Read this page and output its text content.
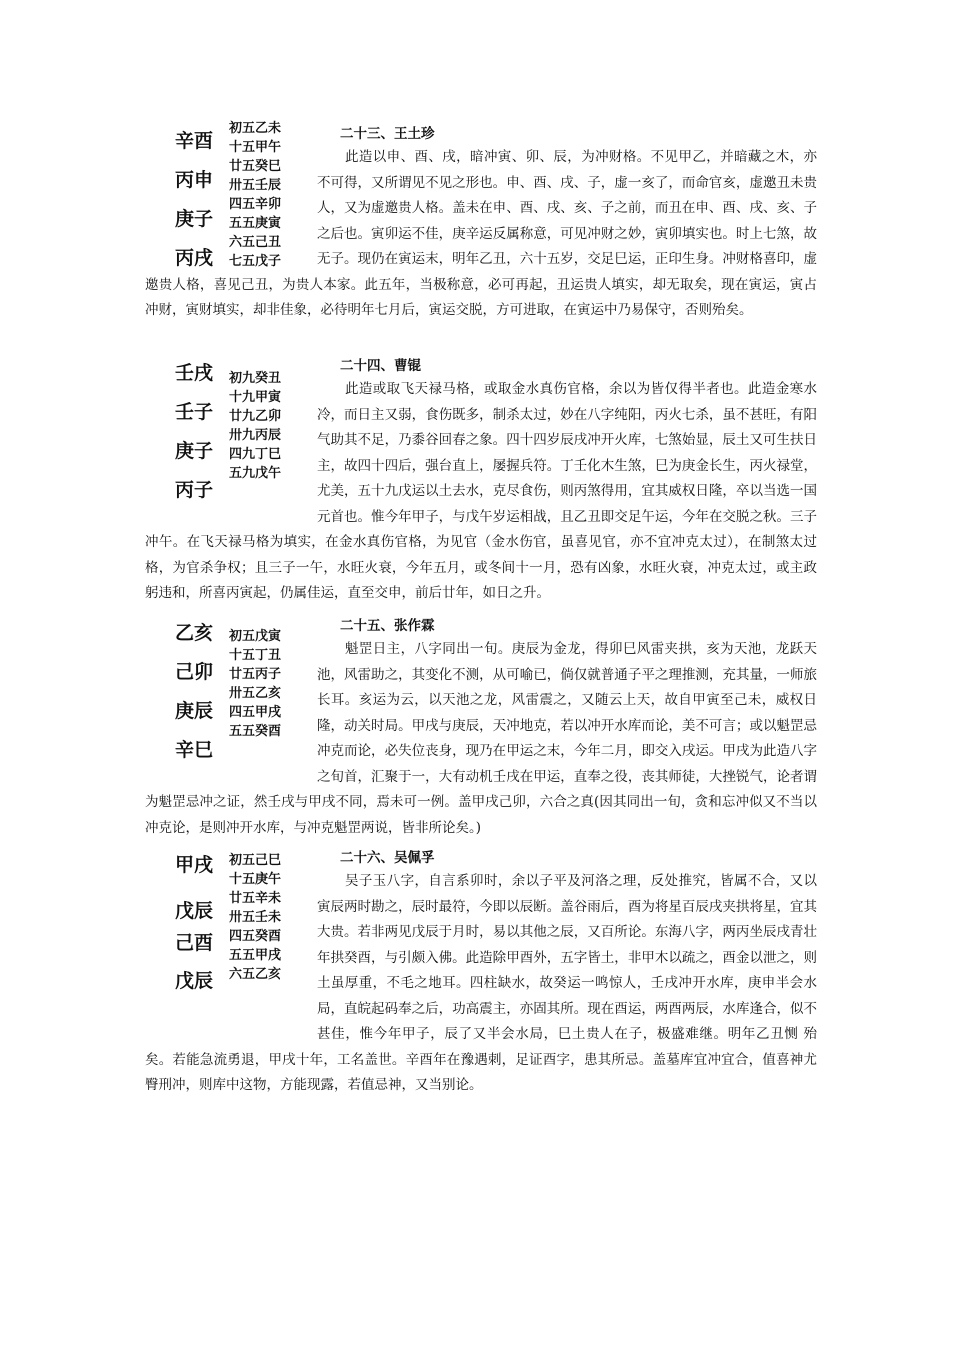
辛酉
丙申
庚子
丙戌
初五乙未
十五甲午
廿五癸巳
卅五壬辰
四五辛卯
五五庚寅
六五己丑
七五戊子
二十三、王土珍

此造以申、酉、戌，暗冲寅、卯、辰，为冲财格。不见甲乙，并暗藏之木，亦不可得，又所谓见不见之形也。申、酉、戌、子，虚一亥了，而命官亥，虚邀丑未贵人，又为虚邀贵人格。盖未在申、酉、戌、亥、子之前，而丑在申、酉、戌、亥、子之后也。寅卯运不佳，庚辛运反属称意，可见冲财之妙，寅卯填实也。时上七煞，故无子。现仍在寅运末，明年乙丑，六十五岁，交足巳运，正印生身。冲财格喜印，虚邀贵人格，喜见己丑，为贵人本家。此五年，当极称意，必可再起，丑运贵人填实，却无取矣，现在寅运，寅占冲财，寅财填实，却非佳象，必待明年七月后，寅运交脱，方可进取，在寅运中乃易保守，否则殆矣。

壬戌
壬子
庚子
丙子
初九癸丑
十九甲寅
廿九乙卯
卅九丙辰
四九丁巳
五九戊午
二十四、曹锟

此造或取飞天禄马格，或取金水真伤官格，余以为皆仅得半者也。此造金寒水冷，而日主又弱，食伤既多，制杀太过，妙在八字纯阳，丙火七杀，虽不甚旺，有阳气助其不足，乃黍谷回春之象。四十四岁辰戌冲开火库，七煞始显，辰土又可生扶日主，故四十四后，强台直上，屡握兵符。丁壬化木生煞，巳为庚金长生，丙火禄堂，尤美，五十九戊运以土去水，克尽食伤，则丙煞得用，宜其威权日隆，卒以当选一国元首也。惟今年甲子，与戊午岁运相战，且乙丑即交足午运，今年在交脱之秋。三子冲午。在飞天禄马格为填实，在金水真伤官格，为见官（金水伤官，虽喜见官，亦不宜冲克太过），在制煞太过格，为官杀争权；且三子一午，水旺火衰，今年五月，或冬间十一月，恐有凶象，水旺火衰，冲克太过，或主政躬违和，所喜丙寅起，仍属佳运，直至交申，前后廿年，如日之升。

乙亥
己卯
庚辰
辛巳
初五戊寅
十五丁丑
廿五丙子
卅五乙亥
四五甲戌
五五癸酉
二十五、张作霖

魁罡日主，八字同出一旬。庚辰为金龙，得卯巳风雷夹拱，亥为天池，龙跃天池，风雷助之，其变化不测，从可喻已，倘仅就普通子平之理推测，充其量，一师旅长耳。亥运为云，以天池之龙，风雷震之，又随云上天，故自甲寅至己未，威权日隆，动关时局。甲戌与庚辰，天冲地克，若以冲开水库而论，美不可言；或以魁罡忌冲克而论，必失位丧身，现乃在甲运之末，今年二月，即交入戌运。甲戌为此造八字之旬首，汇聚于一，大有动机壬戌在甲运，直奉之役，丧其师徒，大挫锐气，论者谓为魁罡忌冲之证，然壬戌与甲戌不同，焉未可一例。盖甲戌己卯，六合之真(因其同出一旬，贪和忘冲似又不当以冲克论，是则冲开水库，与冲克魁罡两说，皆非所论矣。)

甲戌
戊辰
己酉
戊辰
初五己巳
十五庚午
廿五辛未
卅五壬未
四五癸酉
五五甲戌
六五乙亥
二十六、吴佩孚

吴子玉八字，自言系卯时，余以子平及河洛之理，反处推究，皆属不合，又以寅辰两时勘之，辰时最符，今即以辰断。盖谷雨后，酉为将星百辰戌夹拱将星，宜其大贵。若非两见戊辰于月时，易以其他之辰，又百所论。东海八字，两丙坐辰戌青壮年拱癸酉，与引颇入佛。此造除甲酉外，五字皆土，非甲木以疏之，酉金以泄之，则土虽厚重，不毛之地耳。四柱缺水，故癸运一鸣惊人，壬戌冲开水库，庚申半会水局，直皖起码奉之后，功高震主，亦固其所。现在酉运，两酉两辰，水库逢合，似不甚佳，惟今年甲子，辰了又半会水局，巳土贵人在子，极盛难继。明年乙丑恻 殆矣。若能急流勇退，甲戌十年，工名盖世。辛酉年在豫遇刺，足证酉字，患其所忌。盖墓库宜冲宜合，值喜神尤臀刑冲，则库中这物，方能现露，若值忌神，又当别论。
